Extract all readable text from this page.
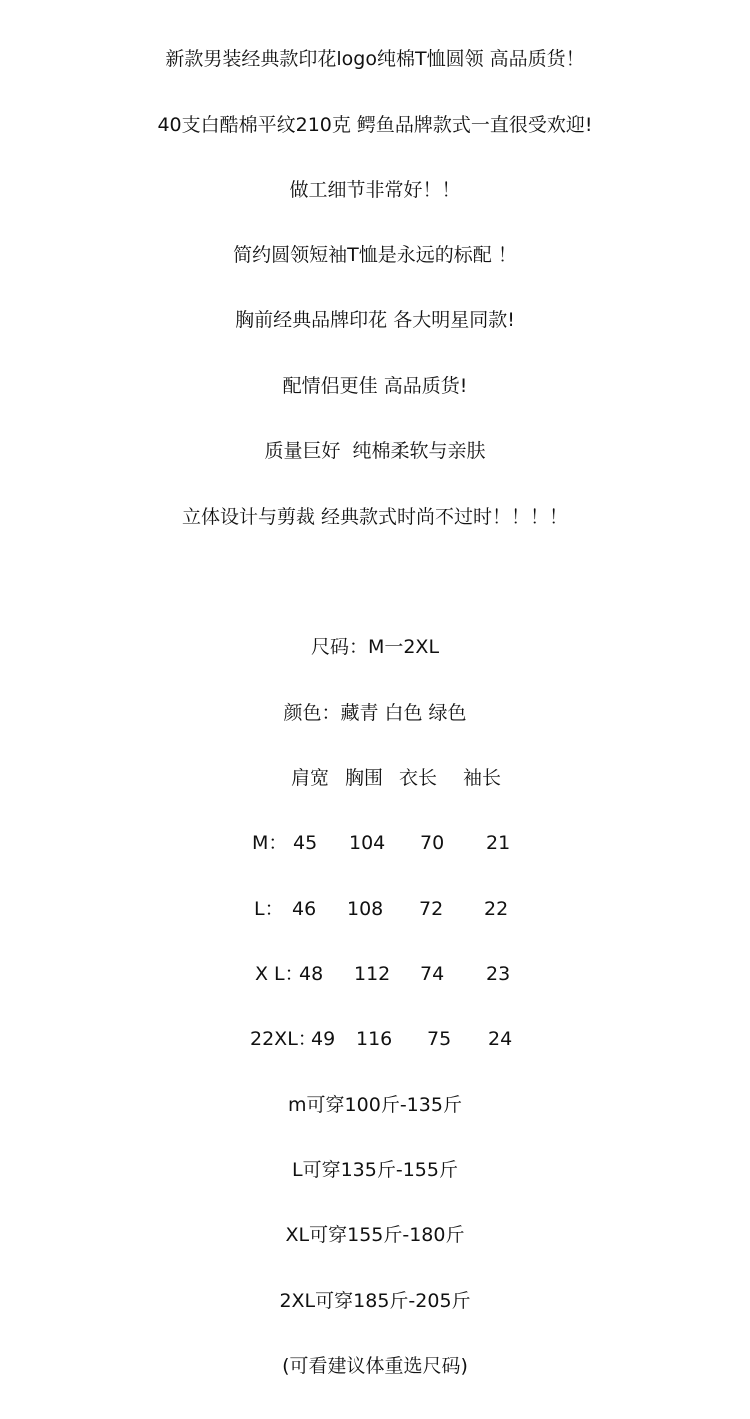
新款男装经典款印花logo纯棉T恤圆领 高品质货！
40支白酷棉平纹210克 鳄鱼品牌款式一直很受欢迎!
做工细节非常好！！
简约圆领短袖T恤是永远的标配 ！
胸前经典品牌印花 各大明星同款!
配情侣更佳 高品质货!
质量巨好  纯棉柔软与亲肤
立体设计与剪裁 经典款式时尚不过时！！！！
尺码：M一2XL
颜色：藏青 白色 绿色
肩宽 胸围 衣长 袖长
M： 45 104 70 21
L： 46 108 72 22
X L：
48 112 74 23
22XL：
49 116 75 24
m可穿100斤-135斤
L可穿135斤-155斤
XL可穿155斤-180斤
2XL可穿185斤-205斤
(可看建议体重选尺码)
